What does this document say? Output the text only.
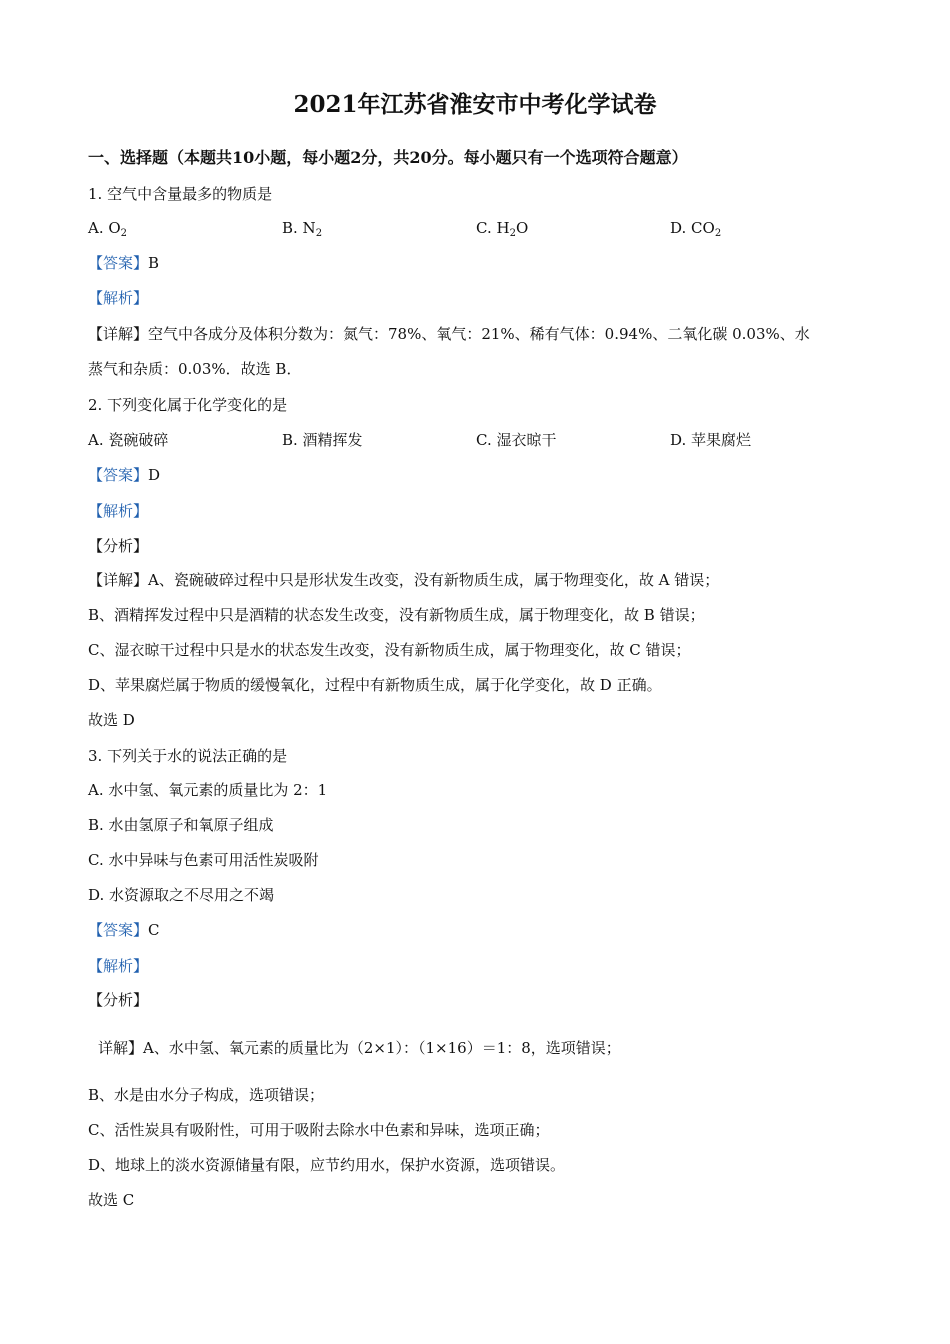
2021年江苏省淮安市中考化学试卷
一、选择题（本题共10小题，每小题2分，共20分。每小题只有一个选项符合题意）
1. 空气中含量最多的物质是
A. $O_2$	B. $N_2$	C. $H_2O$	D. $CO_2$
【答案】B
【解析】
【详解】空气中各成分及体积分数为：氮气：78%、氧气：21%、稀有气体：0.94%、二氧化碳 0.03%、水
蒸气和杂质：0.03%．故选 B．
2. 下列变化属于化学变化的是
A. 瓷碗破碎	B. 酒精挥发	C. 湿衣晾干	D. 苹果腐烂
【答案】D
【解析】
【分析】
【详解】A、瓷碗破碎过程中只是形状发生改变，没有新物质生成，属于物理变化，故 A 错误；
B、酒精挥发过程中只是酒精的状态发生改变，没有新物质生成，属于物理变化，故 B 错误；
C、湿衣晾干过程中只是水的状态发生改变，没有新物质生成，属于物理变化，故 C 错误；
D、苹果腐烂属于物质的缓慢氧化，过程中有新物质生成，属于化学变化，故 D 正确。
故选 D
3. 下列关于水的说法正确的是
A. 水中氢、氧元素的质量比为 2：1
B. 水由氢原子和氧原子组成
C. 水中异味与色素可用活性炭吸附
D. 水资源取之不尽用之不竭
【答案】C
【解析】
【分析】
详解】A、水中氢、氧元素的质量比为（2×1）：（1×16）＝1：8，选项错误；
B、水是由水分子构成，选项错误；
C、活性炭具有吸附性，可用于吸附去除水中色素和异味，选项正确；
D、地球上的淡水资源储量有限，应节约用水，保护水资源，选项错误。
故选 C
